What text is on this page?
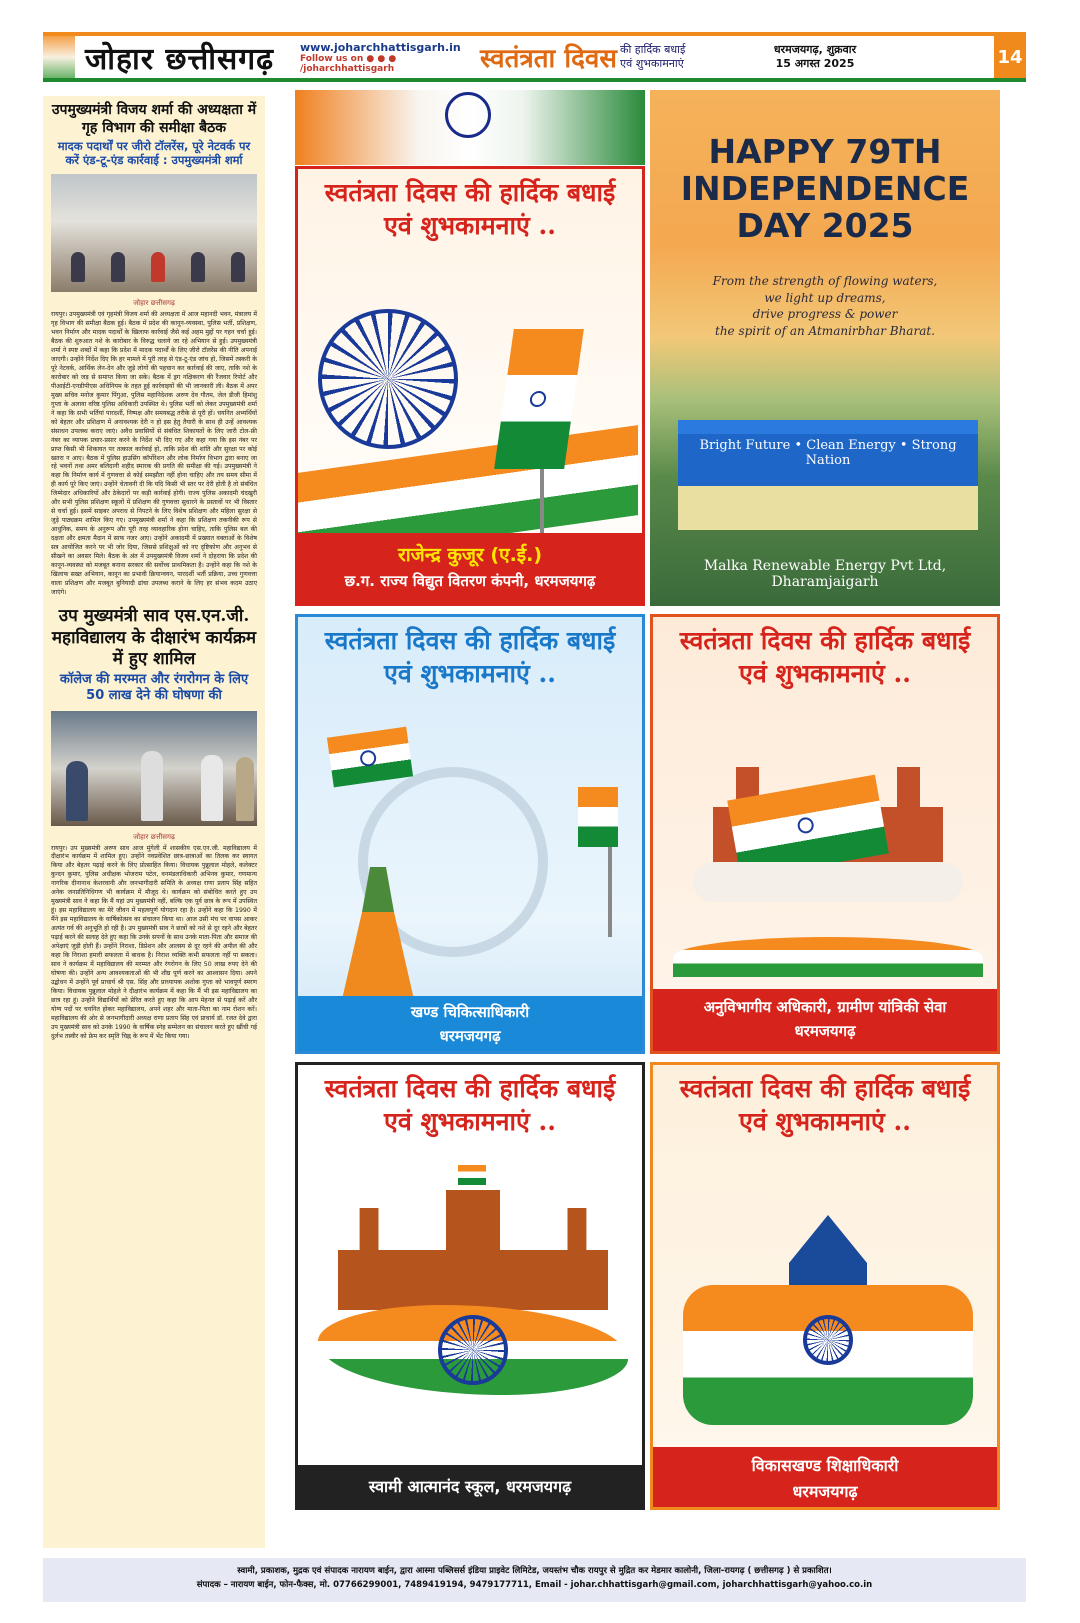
जोहार छत्तीसगढ़	www.joharchhattisgarh.in
Follow us on ● ● ● /joharchhattisgarh	स्वतंत्रता दिवस की हार्दिक बधाई
एवं शुभकामनाएं
धरमजयगढ़, शुक्रवार
15 अगस्त 2025	14
उपमुख्यमंत्री विजय शर्मा की अध्यक्षता में गृह विभाग की समीक्षा बैठक
मादक पदार्थों पर जीरो टॉलरेंस, पूरे नेटवर्क पर करें एंड-टू-एंड कार्रवाई : उपमुख्यमंत्री शर्मा
जोहार छत्तीसगढ़
रायपुर। उपमुख्यमंत्री एवं गृहमंत्री विजय शर्मा की अध्यक्षता में आज महानदी भवन, मंत्रालय में गृह विभाग की समीक्षा बैठक हुई। बैठक में प्रदेश की कानून-व्यवस्था, पुलिस भर्ती, प्रशिक्षण, भवन निर्माण और मादक पदार्थों के खिलाफ कार्रवाई जैसे कई अहम मुद्दों पर गहन चर्चा हुई। बैठक की शुरुआत नशे के कारोबार के विरुद्ध चलाये जा रहे अभियान से हुई। उपमुख्यमंत्री शर्मा ने स्पष्ट शब्दों में कहा कि प्रदेश में मादक पदार्थों के लिए जीरो टॉलरेंस की नीति अपनाई जाएगी। उन्होंने निर्देश दिए कि हर मामले में पूरी तरह से एंड-टू-एंड जांच हो, जिसमें तस्करी के पूरे नेटवर्क, आर्थिक लेन-देन और जुड़े लोगों की पहचान कर कार्रवाई की जाए, ताकि नशे के कारोबार को जड़ से समाप्त किया जा सके। बैठक में ड्रग नक्षिकरण की रैंजवार रिपोर्ट और पीआईटी-एनडीपीएस अधिनियम के तहत हुई कार्रवाइयों की भी जानकारी ली। बैठक में अपर मुख्य सचिव मनोज कुमार पिंगुआ, पुलिस महानिदेशक अरुण देव गौतम, जेल डीजी हिमांशु गुप्ता के अलावा वरिष्ठ पुलिस अधिकारी उपस्थित थे। पुलिस भर्ती को लेकर उपमुख्यमंत्री शर्मा ने कहा कि सभी भर्तियां पारदर्शी, निष्पक्ष और समयबद्ध तरीके से पूरी हों। चयनित अभ्यर्थियों को बेहतर और प्रशिक्षण में अनावश्यक देरी न हो इस हेतु तैयारी के साथ ही उन्हें आवश्यक संसाधन उपलब्ध कराए जाएं। अवैध प्रवासियों से संबंधित शिकायतों के लिए जारी टोल-फ्री नंबर का व्यापक प्रचार-प्रसार करने के निर्देश भी दिए गए और कहा गया कि इस नंबर पर प्राप्त किसी भी शिकायत पर तत्काल कार्रवाई हो, ताकि प्रदेश की शांति और सुरक्षा पर कोई खतरा न आए। बैठक में पुलिस हाउसिंग कॉर्पोरेशन और लोक निर्माण विभाग द्वारा बनाए जा रहे भवनों तथा अमर बलिदानी शहीद स्मारक की प्रगति की समीक्षा की गई। उपमुख्यमंत्री ने कहा कि निर्माण कार्य में गुणवत्ता से कोई समझौता नहीं होना चाहिए और तय समय सीमा में ही कार्य पूरे किए जाएं। उन्होंने चेतावनी दी कि यदि किसी भी स्तर पर देरी होती है तो संबंधित जिम्मेदार अधिकारियों और ठेकेदारों पर कड़ी कार्रवाई होगी। राज्य पुलिस अकादमी चंदखुरी और सभी पुलिस प्रशिक्षण स्कूलों में प्रशिक्षण की गुणवत्ता सुधारने के प्रस्तावों पर भी विस्तार से चर्चा हुई। इसमें साइबर अपराध से निपटने के लिए विशेष प्रशिक्षण और महिला सुरक्षा से जुड़े पाठ्यक्रम शामिल किए गए। उपमुख्यमंत्री शर्मा ने कहा कि प्रशिक्षण तकनीकी रूप से आधुनिक, समय के अनुरूप और पूरी तरह व्यावहारिक होना चाहिए, ताकि पुलिस बल की दक्षता और क्षमता मैदान में साफ नजर आए। उन्होंने अकादमी में प्रख्यात वक्ताओं के विशेष सत्र आयोजित करने पर भी जोर दिया, जिससे प्रशिक्षुओं को नए दृष्टिकोण और अनुभव से सीखने का अवसर मिले। बैठक के अंत में उपमुख्यमंत्री विजय शर्मा ने दोहराया कि प्रदेश की कानून-व्यवस्था को मजबूत बनाना सरकार की सर्वोच्च प्राथमिकता है। उन्होंने कहा कि नशे के खिलाफ सख्त अभियान, कानून का प्रभावी क्रियान्वयन, पारदर्शी भर्ती प्रक्रिया, उच्च गुणवत्ता वाला प्रशिक्षण और मजबूत बुनियादी ढांचा उपलब्ध कराने के लिए हर संभव कदम उठाए जाएंगे।
उप मुख्यमंत्री साव एस.एन.जी. महाविद्यालय के दीक्षारंभ कार्यक्रम में हुए शामिल
कॉलेज की मरम्मत और रंगरोगन के लिए 50 लाख देने की घोषणा की
जोहार छत्तीसगढ़
रायपुर। उप मुख्यमंत्री अरुण साव आज मुंगेली में शासकीय एस.एन.जी. महाविद्यालय में दीक्षारंभ कार्यक्रम में शामिल हुए। उन्होंने नवप्रवेशित छात्र-छात्राओं का तिलक कर स्वागत किया और बेहतर पढ़ाई करने के लिए प्रोत्साहित किया। विधायक पुन्नूलाल मोहले, कलेक्टर कुन्दन कुमार, पुलिस अधीक्षक भोजराम पटेल, वनमंडलाधिकारी अभिनव कुमार, गणमान्य नागरिक दीनानाथ केशरवानी और जनभागीदारी समिति के अध्यक्ष राणा प्रताप सिंह सहित अनेक जनप्रतिनिधिगण भी कार्यक्रम में मौजूद थे। कार्यक्रम को संबोधित करते हुए उप मुख्यमंत्री साव ने कहा कि मैं यहां उप मुख्यमंत्री नहीं, बल्कि एक पूर्व छात्र के रूप में उपस्थित हूं। इस महाविद्यालय का मेरे जीवन में महत्वपूर्ण योगदान रहा है। उन्होंने कहा कि 1990 में मैंने इस महाविद्यालय के वार्षिकोत्सव का संचालन किया था। आज उसी मंच पर वापस आकर अत्यंत गर्व की अनुभूति हो रही है। उप मुख्यमंत्री साव ने छात्रों को नशे से दूर रहने और बेहतर पढ़ाई करने की सलाह देते हुए कहा कि उनके सपनों के साथ उनके माता-पिता और समाज की अपेक्षाएं जुड़ी होती हैं। उन्होंने निराशा, डिप्रेशन और आलस्य से दूर रहने की अपील की और कहा कि निराशा हमारी सफलता में बाधक है। निराश व्यक्ति कभी सफलता नहीं पा सकता। साव ने कार्यक्रम में महाविद्यालय की मरम्मत और रंगरोगन के लिए 50 लाख रुपए देने की घोषणा की। उन्होंने अन्य आवश्यकताओं की भी शीघ्र पूर्ण करने का आश्वासन दिया। अपने उद्बोधन में उन्होंने पूर्व प्राचार्य श्री एस. सिंह और प्राध्यापक अशोक गुप्ता को भावपूर्ण स्मरण किया। विधायक पुन्नूलाल मोहले ने दीक्षारंभ कार्यक्रम में कहा कि मैं भी इस महाविद्यालय का छात्र रहा हूं। उन्होंने विद्यार्थियों को प्रेरित करते हुए कहा कि आप मेहनत से पढ़ाई करें और योग्य पदों पर चयनित होकर महाविद्यालय, अपने शहर और माता-पिता का नाम रोशन करें। महाविद्यालय की ओर से जनभागीदारी अध्यक्ष राणा प्रताप सिंह एवं प्राचार्य डॉ. रजत देवे द्वारा उप मुख्यमंत्री साव को उनके 1990 के वार्षिक स्नेह सम्मेलन का संचालन करते हुए खींची गई दुर्लभ तस्वीर को फ्रेम कर स्मृति चिह्न के रूप में भेंट किया गया।
स्वतंत्रता दिवस की हार्दिक बधाई एवं शुभकामनाएं ..
राजेन्द्र कुजूर (ए.ई.)
छ.ग. राज्य विद्युत वितरण कंपनी, धरमजयगढ़
HAPPY 79TH
INDEPENDENCE
DAY 2025
From the strength of flowing waters,
we light up dreams,
drive progress & power
the spirit of an Atmanirbhar Bharat.
Bright Future • Clean Energy • Strong Nation
Malka Renewable Energy Pvt Ltd, Dharamjaigarh
स्वतंत्रता दिवस की हार्दिक बधाई एवं शुभकामनाएं ..
खण्ड चिकित्साधिकारी
धरमजयगढ़
स्वतंत्रता दिवस की हार्दिक बधाई एवं शुभकामनाएं ..
अनुविभागीय अधिकारी, ग्रामीण यांत्रिकी सेवा
धरमजयगढ़
स्वतंत्रता दिवस की हार्दिक बधाई एवं शुभकामनाएं ..
स्वामी आत्मानंद स्कूल, धरमजयगढ़
स्वतंत्रता दिवस की हार्दिक बधाई एवं शुभकामनाएं ..
विकासखण्ड शिक्षाधिकारी
धरमजयगढ़
स्वामी, प्रकाशक, मुद्रक एवं संपादक नारायण बाईन, द्वारा आस्मा पब्लिसर्स इंडिया प्राइवेट लिमिटेड, जयस्तंभ चौक रायपुर से मुद्रित कर मेडमार कालोनी, जिला-रायगढ़ ( छत्तीसगढ़ ) से प्रकाशित।
संपादक – नारायण बाईन, फोन-फैक्स, मो. 07766299001, 7489419194, 9479177711, Email - johar.chhattisgarh@gmail.com, joharchhattisgarh@yahoo.co.in
